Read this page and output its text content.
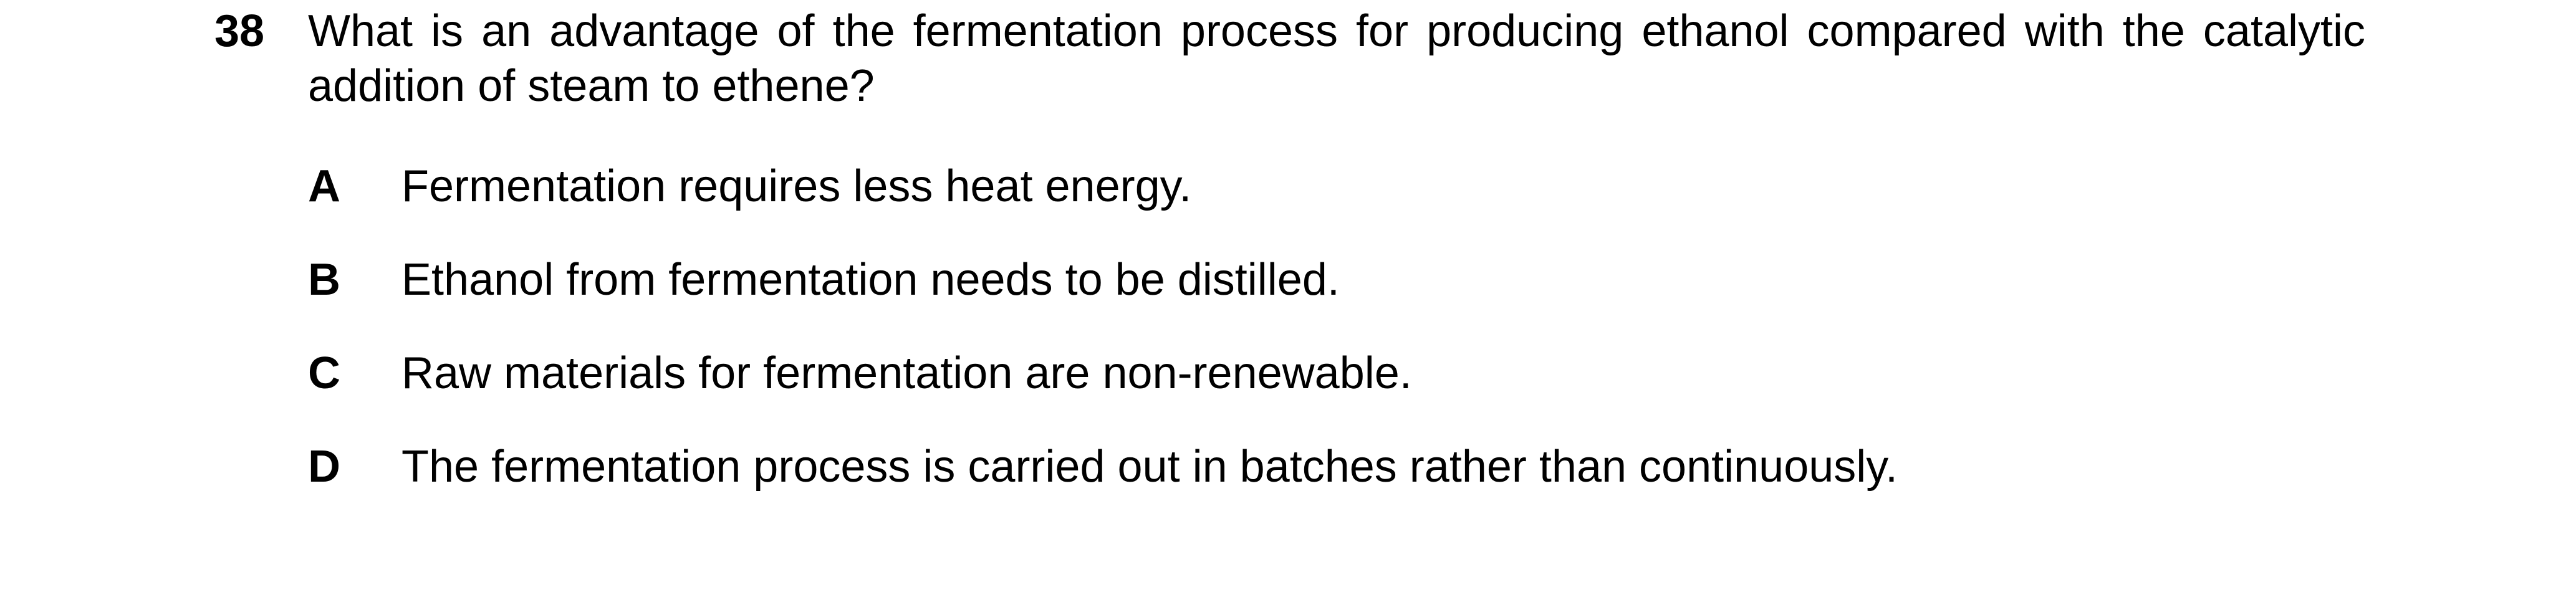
38 What is an advantage of the fermentation process for producing ethanol compared with the catalytic addition of steam to ethene?
A Fermentation requires less heat energy.
B Ethanol from fermentation needs to be distilled.
C Raw materials for fermentation are non-renewable.
D The fermentation process is carried out in batches rather than continuously.
